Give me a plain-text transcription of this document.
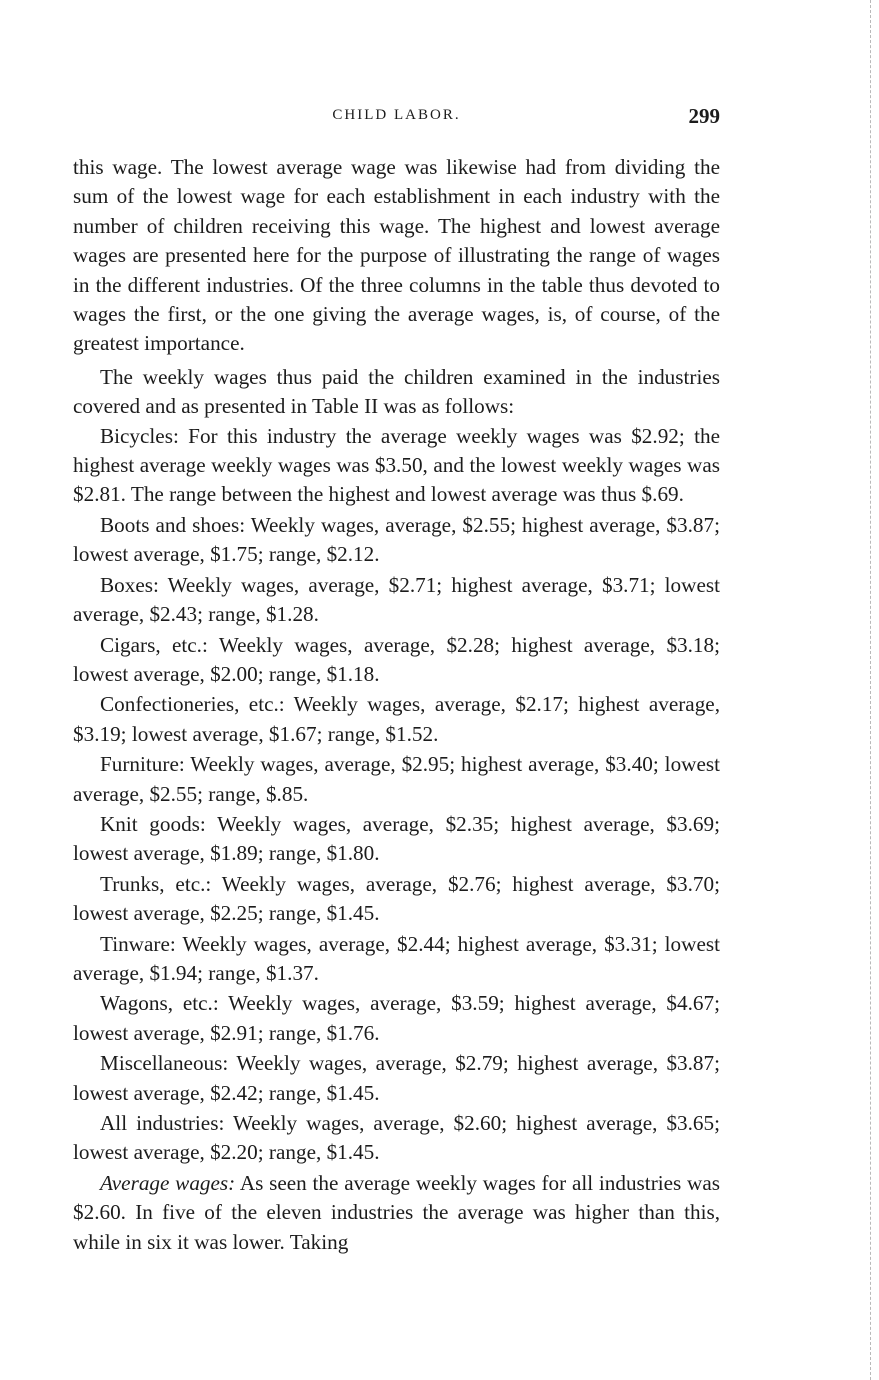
CHILD LABOR.	299

this wage. The lowest average wage was likewise had from dividing the sum of the lowest wage for each establishment in each industry with the number of children receiving this wage. The highest and lowest average wages are presented here for the purpose of illustrating the range of wages in the different industries. Of the three columns in the table thus devoted to wages the first, or the one giving the average wages, is, of course, of the greatest importance.

The weekly wages thus paid the children examined in the industries covered and as presented in Table II was as follows:

Bicycles: For this industry the average weekly wages was $2.92; the highest average weekly wages was $3.50, and the lowest weekly wages was $2.81. The range between the highest and lowest average was thus $.69.

Boots and shoes: Weekly wages, average, $2.55; highest average, $3.87; lowest average, $1.75; range, $2.12.

Boxes: Weekly wages, average, $2.71; highest average, $3.71; lowest average, $2.43; range, $1.28.

Cigars, etc.: Weekly wages, average, $2.28; highest average, $3.18; lowest average, $2.00; range, $1.18.

Confectioneries, etc.: Weekly wages, average, $2.17; highest average, $3.19; lowest average, $1.67; range, $1.52.

Furniture: Weekly wages, average, $2.95; highest average, $3.40; lowest average, $2.55; range, $.85.

Knit goods: Weekly wages, average, $2.35; highest average, $3.69; lowest average, $1.89; range, $1.80.

Trunks, etc.: Weekly wages, average, $2.76; highest average, $3.70; lowest average, $2.25; range, $1.45.

Tinware: Weekly wages, average, $2.44; highest average, $3.31; lowest average, $1.94; range, $1.37.

Wagons, etc.: Weekly wages, average, $3.59; highest average, $4.67; lowest average, $2.91; range, $1.76.

Miscellaneous: Weekly wages, average, $2.79; highest average, $3.87; lowest average, $2.42; range, $1.45.

All industries: Weekly wages, average, $2.60; highest average, $3.65; lowest average, $2.20; range, $1.45.

Average wages: As seen the average weekly wages for all industries was $2.60. In five of the eleven industries the average was higher than this, while in six it was lower. Taking
